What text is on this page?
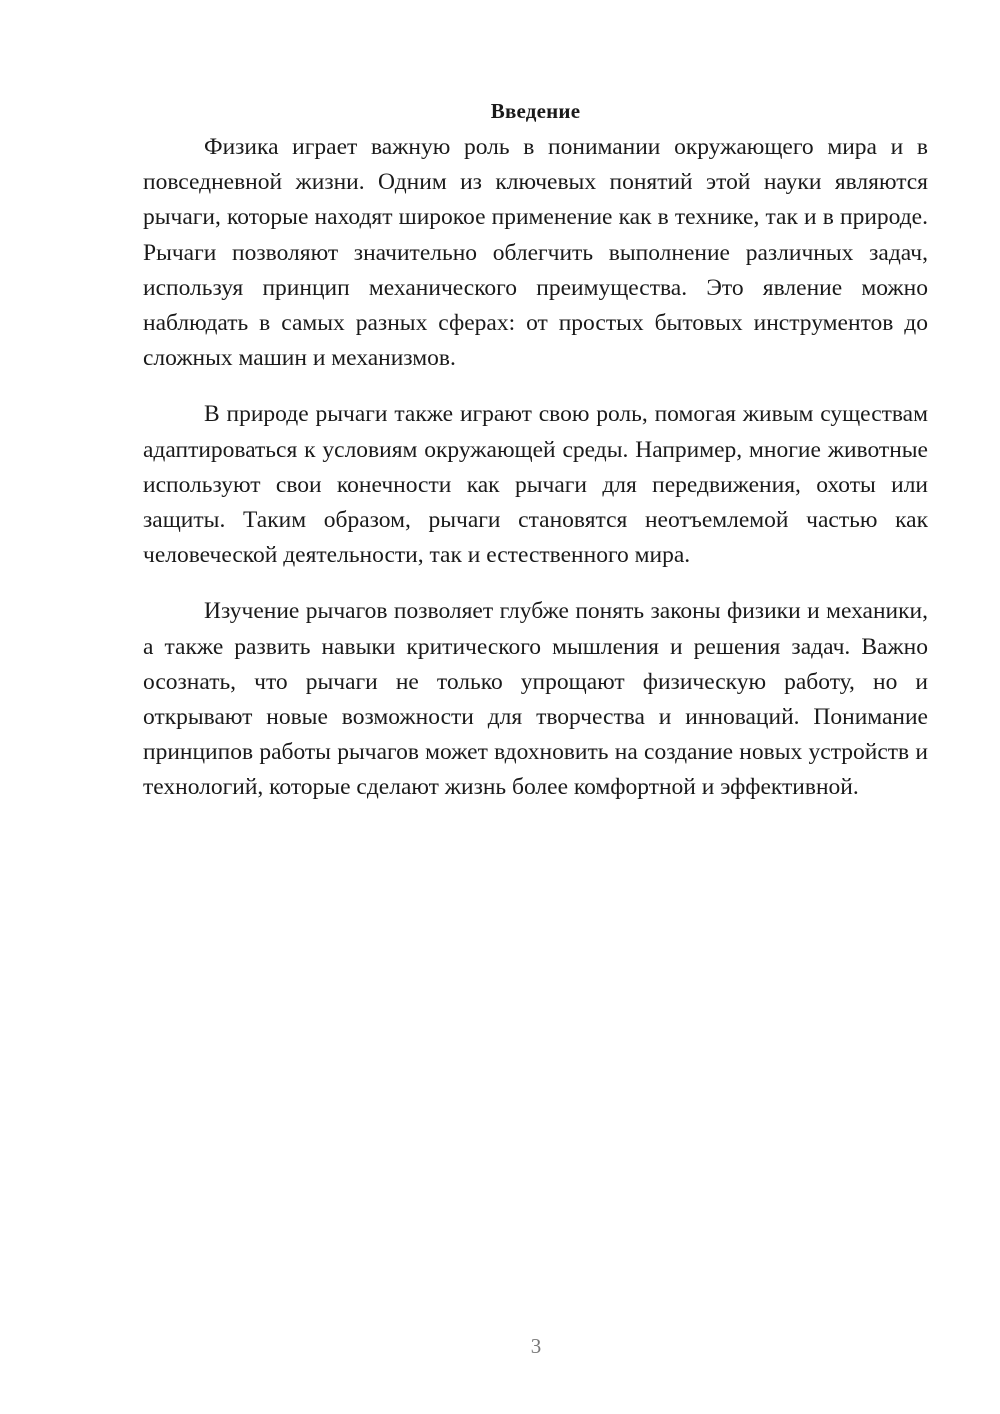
Введение

Физика играет важную роль в понимании окружающего мира и в повседневной жизни. Одним из ключевых понятий этой науки являются рычаги, которые находят широкое применение как в технике, так и в природе. Рычаги позволяют значительно облегчить выполнение различных задач, используя принцип механического преимущества. Это явление можно наблюдать в самых разных сферах: от простых бытовых инструментов до сложных машин и механизмов.

В природе рычаги также играют свою роль, помогая живым существам адаптироваться к условиям окружающей среды. Например, многие животные используют свои конечности как рычаги для передвижения, охоты или защиты. Таким образом, рычаги становятся неотъемлемой частью как человеческой деятельности, так и естественного мира.

Изучение рычагов позволяет глубже понять законы физики и механики, а также развить навыки критического мышления и решения задач. Важно осознать, что рычаги не только упрощают физическую работу, но и открывают новые возможности для творчества и инноваций. Понимание принципов работы рычагов может вдохновить на создание новых устройств и технологий, которые сделают жизнь более комфортной и эффективной.

3
